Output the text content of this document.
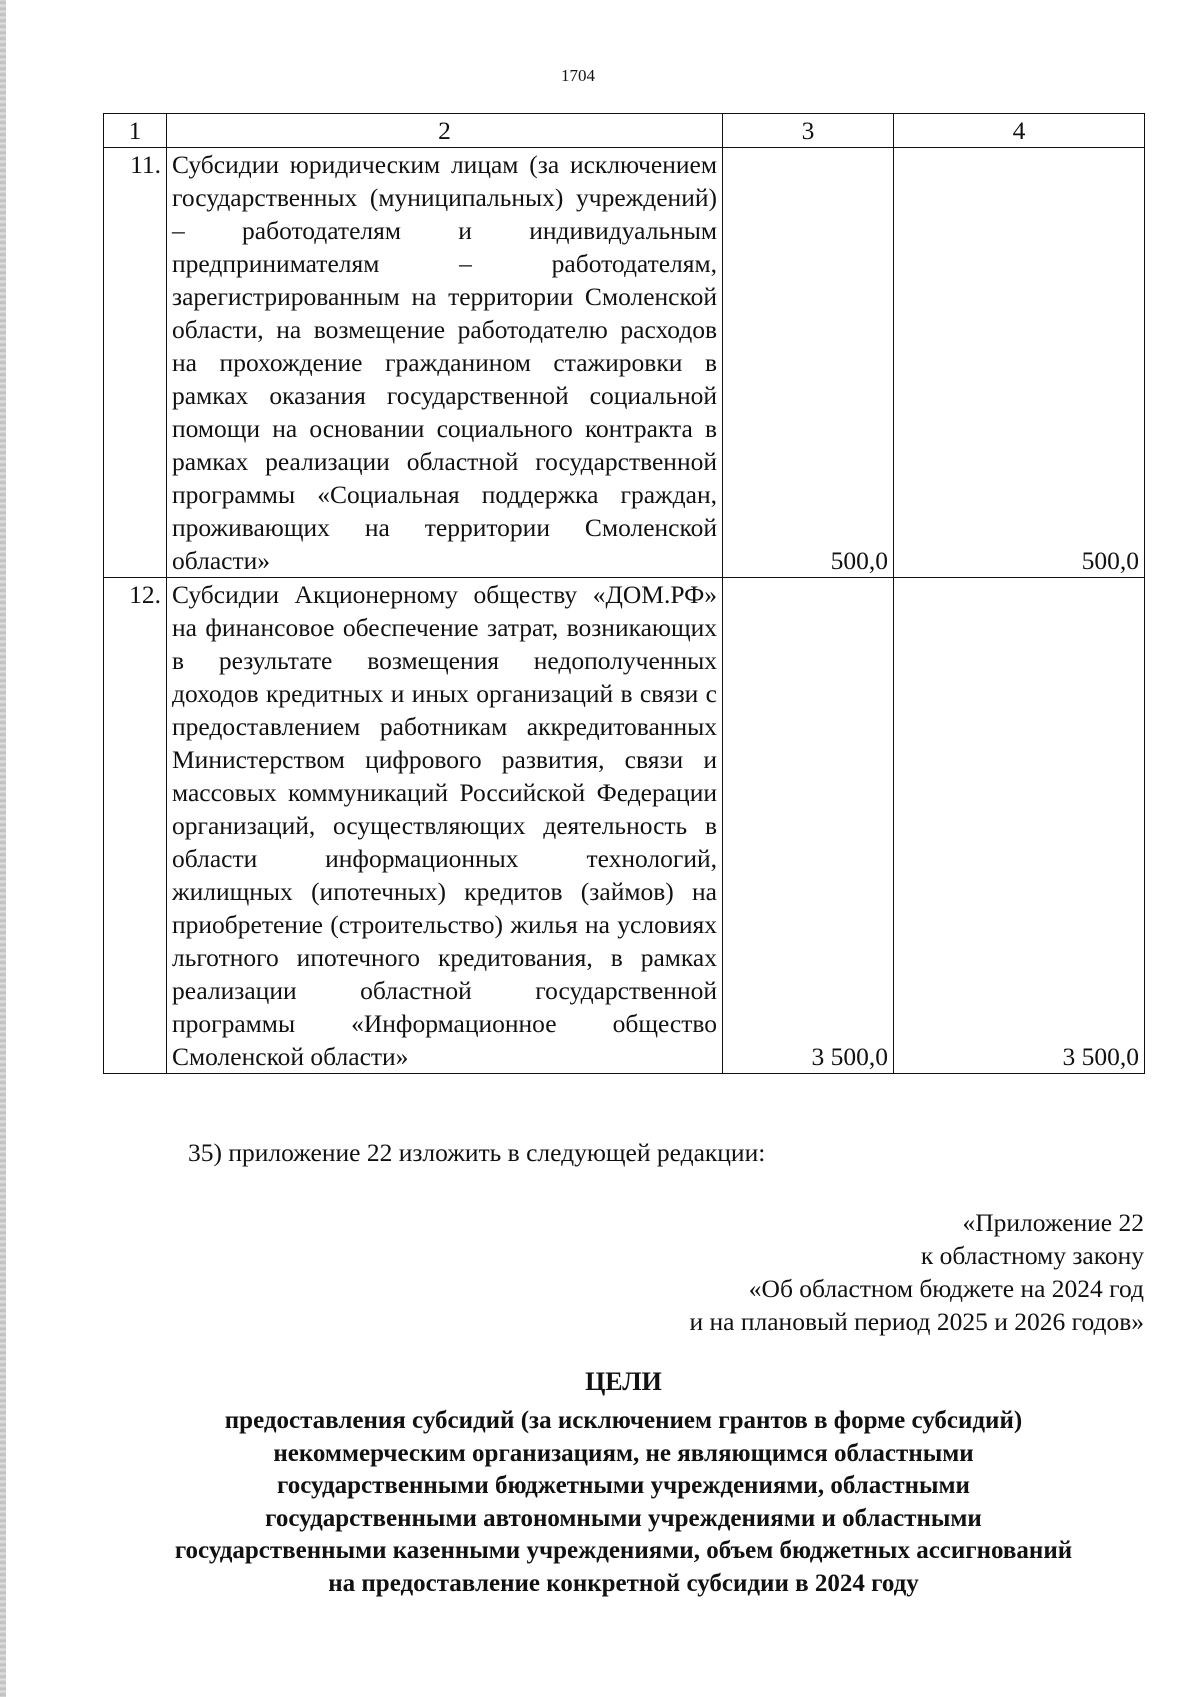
1704
1	2	3	4
11.	Субсидии юридическим лицам (за исключением государственных (муниципальных) учреждений) – работодателям и индивидуальным предпринимателям – работодателям, зарегистрированным на территории Смоленской области, на возмещение работодателю расходов на прохождение гражданином стажировки в рамках оказания государственной социальной помощи на основании социального контракта в рамках реализации областной государственной программы «Социальная поддержка граждан, проживающих на территории Смоленской области»	500,0	500,0
12.	Субсидии Акционерному обществу «ДОМ.РФ» на финансовое обеспечение затрат, возникающих в результате возмещения недополученных доходов кредитных и иных организаций в связи с предоставлением работникам аккредитованных Министерством цифрового развития, связи и массовых коммуникаций Российской Федерации организаций, осуществляющих деятельность в области информационных технологий, жилищных (ипотечных) кредитов (займов) на приобретение (строительство) жилья на условиях льготного ипотечного кредитования, в рамках реализации областной государственной программы «Информационное общество Смоленской области»	3 500,0	3 500,0
35) приложение 22 изложить в следующей редакции:
«Приложение 22
к областному закону
«Об областном бюджете на 2024 год
и на плановый период 2025 и 2026 годов»
ЦЕЛИ
предоставления субсидий (за исключением грантов в форме субсидий)
некоммерческим организациям, не являющимся областными
государственными бюджетными учреждениями, областными
государственными автономными учреждениями и областными
государственными казенными учреждениями, объем бюджетных ассигнований
на предоставление конкретной субсидии в 2024 году
